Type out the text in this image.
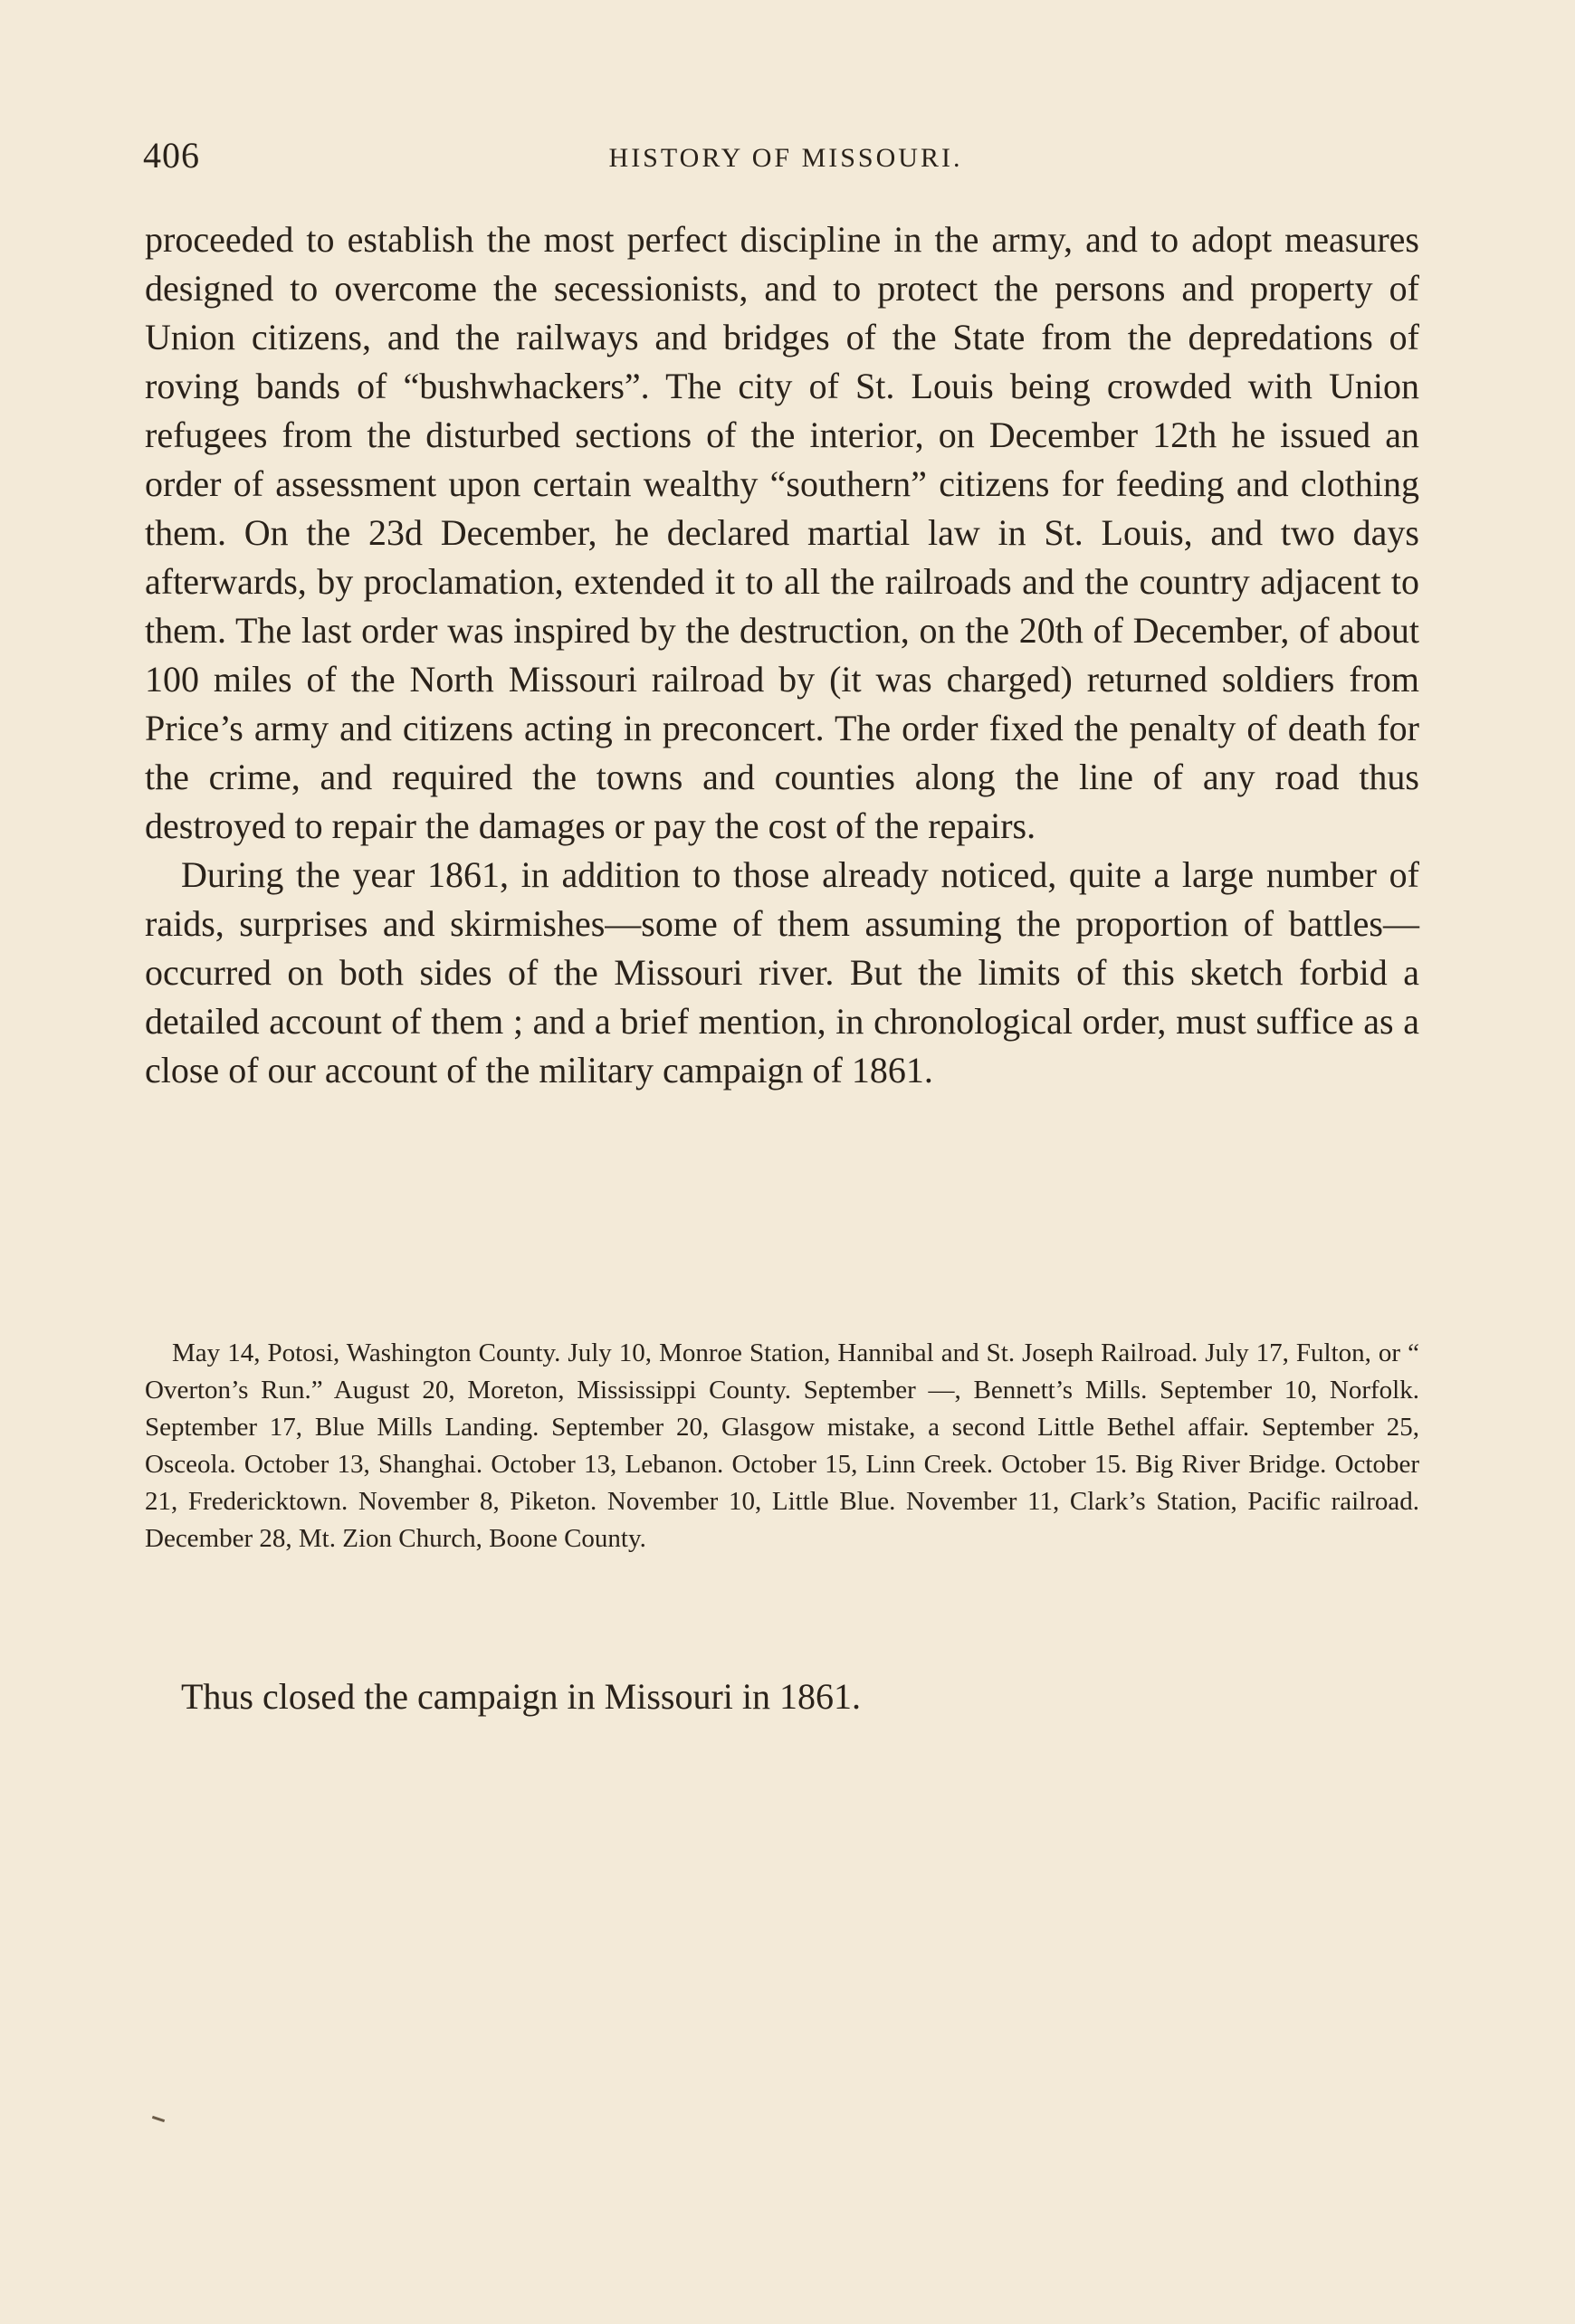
406	HISTORY OF MISSOURI.

proceeded to establish the most perfect discipline in the army, and to adopt measures designed to overcome the secessionists, and to protect the persons and property of Union citizens, and the railways and bridges of the State from the depredations of roving bands of “bushwhackers”. The city of St. Louis being crowded with Union refugees from the disturbed sections of the interior, on December 12th he issued an order of assessment upon certain wealthy “southern” citizens for feeding and clothing them. On the 23d December, he declared martial law in St. Louis, and two days afterwards, by proclamation, extended it to all the railroads and the country adjacent to them. The last order was inspired by the destruction, on the 20th of December, of about 100 miles of the North Missouri railroad by (it was charged) returned soldiers from Price’s army and citizens acting in preconcert. The order fixed the penalty of death for the crime, and required the towns and counties along the line of any road thus destroyed to repair the damages or pay the cost of the repairs.

During the year 1861, in addition to those already noticed, quite a large number of raids, surprises and skirmishes—some of them assuming the proportion of battles—occurred on both sides of the Missouri river. But the limits of this sketch forbid a detailed account of them ; and a brief mention, in chronological order, must suffice as a close of our account of the military campaign of 1861.

May 14, Potosi, Washington County. July 10, Monroe Station, Hannibal and St. Joseph Railroad. July 17, Fulton, or “ Overton’s Run.” August 20, Moreton, Mississippi County. September —, Bennett’s Mills. September 10, Norfolk. September 17, Blue Mills Landing. September 20, Glasgow mistake, a second Little Bethel affair. September 25, Osceola. October 13, Shanghai. October 13, Lebanon. October 15, Linn Creek. October 15. Big River Bridge. October 21, Fredericktown. November 8, Piketon. November 10, Little Blue. November 11, Clark’s Station, Pacific railroad. December 28, Mt. Zion Church, Boone County.

Thus closed the campaign in Missouri in 1861.
